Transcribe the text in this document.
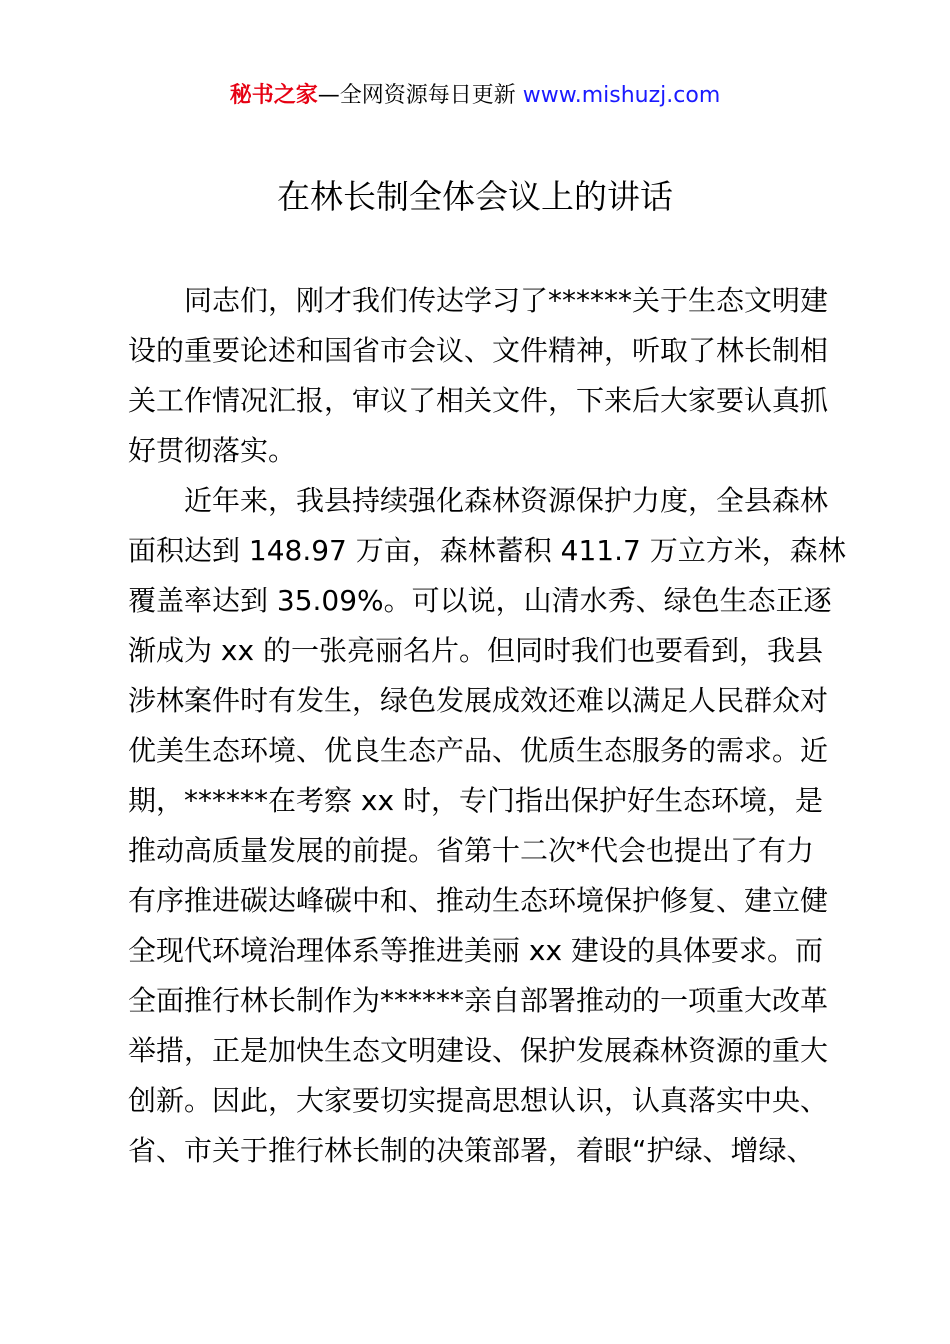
秘书之家—全网资源每日更新 www.mishuzj.com
在林长制全体会议上的讲话

同志们，刚才我们传达学习了******关于生态文明建
设的重要论述和国省市会议、文件精神，听取了林长制相
关工作情况汇报，审议了相关文件，下来后大家要认真抓
好贯彻落实。

近年来，我县持续强化森林资源保护力度，全县森林
面积达到 148.97 万亩，森林蓄积 411.7 万立方米，森林
覆盖率达到 35.09%。可以说，山清水秀、绿色生态正逐
渐成为 xx 的一张亮丽名片。但同时我们也要看到，我县
涉林案件时有发生，绿色发展成效还难以满足人民群众对
优美生态环境、优良生态产品、优质生态服务的需求。近
期，******在考察 xx 时，专门指出保护好生态环境，是
推动高质量发展的前提。省第十二次*代会也提出了有力
有序推进碳达峰碳中和、推动生态环境保护修复、建立健
全现代环境治理体系等推进美丽 xx 建设的具体要求。而
全面推行林长制作为******亲自部署推动的一项重大改革
举措，正是加快生态文明建设、保护发展森林资源的重大
创新。因此，大家要切实提高思想认识，认真落实中央、
省、市关于推行林长制的决策部署，着眼“护绿、增绿、
